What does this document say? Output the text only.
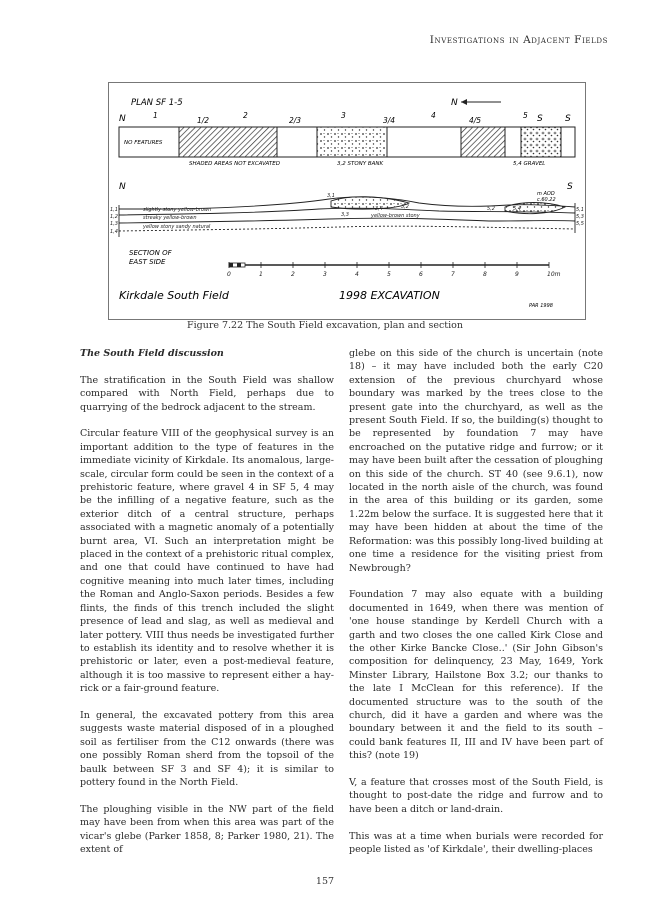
Investigations in Adjacent Fields
PLAN SF 1-5	N
N	S S
1
1/2
2
2/3
3
3/4
4
4/5
5
NO FEATURES
SHADED AREAS NOT EXCAVATED	3,2 STONY BANK	5,4 GRAVEL
N	S
m AOD c.60.22
1,1
1,2
1,3
1,4
5,1
5,3
5,5
slightly stony yellow-brown
streaky yellow-brown
yellow stony sandy natural
yellow-brown stony
3,1
3,2
3,3
3,4	5,2	5,4
SECTION OF
EAST SIDE
0	1	2	3	4	5	6	7	8	9	10m
Kirkdale South Field	1998 EXCAVATION
PAR 1998
Figure 7.22 The South Field excavation, plan and section
The South Field discussion

The stratification in the South Field was shallow compared with North Field, perhaps due to quarrying of the bedrock adjacent to the stream.

Circular feature VIII of the geophysical survey is an important addition to the type of features in the immediate vicinity of Kirkdale. Its anomalous, large-scale, circular form could be seen in the context of a prehistoric feature, where gravel 4 in SF 5, 4 may be the infilling of a negative feature, such as the exterior ditch of a central structure, perhaps associated with a magnetic anomaly of a potentially burnt area, VI. Such an interpretation might be placed in the context of a prehistoric ritual complex, and one that could have continued to have had cognitive meaning into much later times, including the Roman and Anglo-Saxon periods. Besides a few flints, the finds of this trench included the slight presence of lead and slag, as well as medieval and later pottery. VIII thus needs be investigated further to establish its identity and to resolve whether it is prehistoric or later, even a post-medieval feature, although it is too massive to represent either a hay-rick or a fair-ground feature.

In general, the excavated pottery from this area suggests waste material disposed of in a ploughed soil as fertiliser from the C12 onwards (there was one possibly Roman sherd from the topsoil of the baulk between SF 3 and SF 4); it is similar to pottery found in the North Field.

The ploughing visible in the NW part of the field may have been from when this area was part of the vicar's glebe (Parker 1858, 8; Parker 1980, 21). The extent of

glebe on this side of the church is uncertain (note 18) – it may have included both the early C20 extension of the previous churchyard whose boundary was marked by the trees close to the present gate into the churchyard, as well as the present South Field. If so, the building(s) thought to be represented by foundation 7 may have encroached on the putative ridge and furrow; or it may have been built after the cessation of ploughing on this side of the church. ST 40 (see 9.6.1), now located in the north aisle of the church, was found in the area of this building or its garden, some 1.22m below the surface. It is suggested here that it may have been hidden at about the time of the Reformation: was this possibly long-lived building at one time a residence for the visiting priest from Newbrough?

Foundation 7 may also equate with a building documented in 1649, when there was mention of 'one house standinge by Kerdell Church with a garth and two closes the one called Kirk Close and the other Kirke Bancke Close..' (Sir John Gibson's composition for delinquency, 23 May, 1649, York Minster Library, Hailstone Box 3.2; our thanks to the late I McClean for this reference). If the documented structure was to the south of the church, did it have a garden and where was the boundary between it and the field to its south – could bank features II, III and IV have been part of this? (note 19)

V, a feature that crosses most of the South Field, is thought to post-date the ridge and furrow and to have been a ditch or land-drain.

This was at a time when burials were recorded for people listed as 'of Kirkdale', their dwelling-places

157
